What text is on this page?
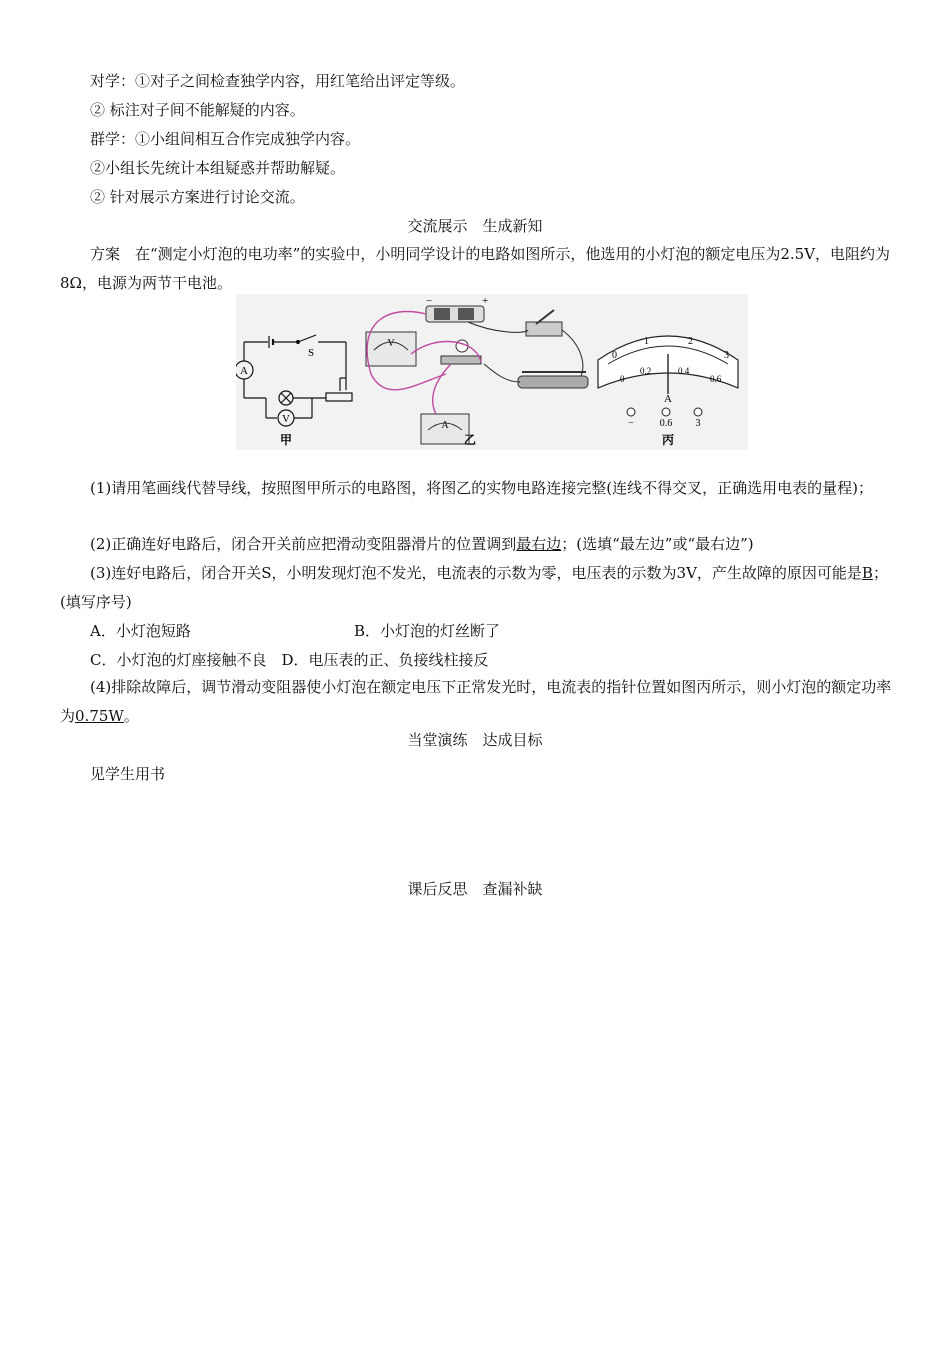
对学：①对子之间检查独学内容，用红笔给出评定等级。
② 标注对子间不能解疑的内容。
群学：①小组间相互合作完成独学内容。
②小组长先统计本组疑惑并帮助解疑。
② 针对展示方案进行讨论交流。
交流展示　生成新知
方案　在“测定小灯泡的电功率”的实验中，小明同学设计的电路如图所示，他选用的小灯泡的额定电压为2.5V，电阻约为8Ω，电源为两节干电池。
A
V
S
甲
−	+
V
A
乙
0
1	2
3
0
0.2	0.4
0.6
A
−	0.6 3
丙
(1)请用笔画线代替导线，按照图甲所示的电路图，将图乙的实物电路连接完整(连线不得交叉，正确选用电表的量程)；
(2)正确连好电路后，闭合开关前应把滑动变阻器滑片的位置调到最右边；(选填“最左边”或“最右边”)
(3)连好电路后，闭合开关S，小明发现灯泡不发光，电流表的示数为零，电压表的示数为3V，产生故障的原因可能是B；(填写序号)
A．小灯泡短路	B．小灯泡的灯丝断了
C．小灯泡的灯座接触不良　D．电压表的正、负接线柱接反
(4)排除故障后，调节滑动变阻器使小灯泡在额定电压下正常发光时，电流表的指针位置如图丙所示，则小灯泡的额定功率为0.75W。
当堂演练　达成目标
见学生用书
课后反思　查漏补缺
